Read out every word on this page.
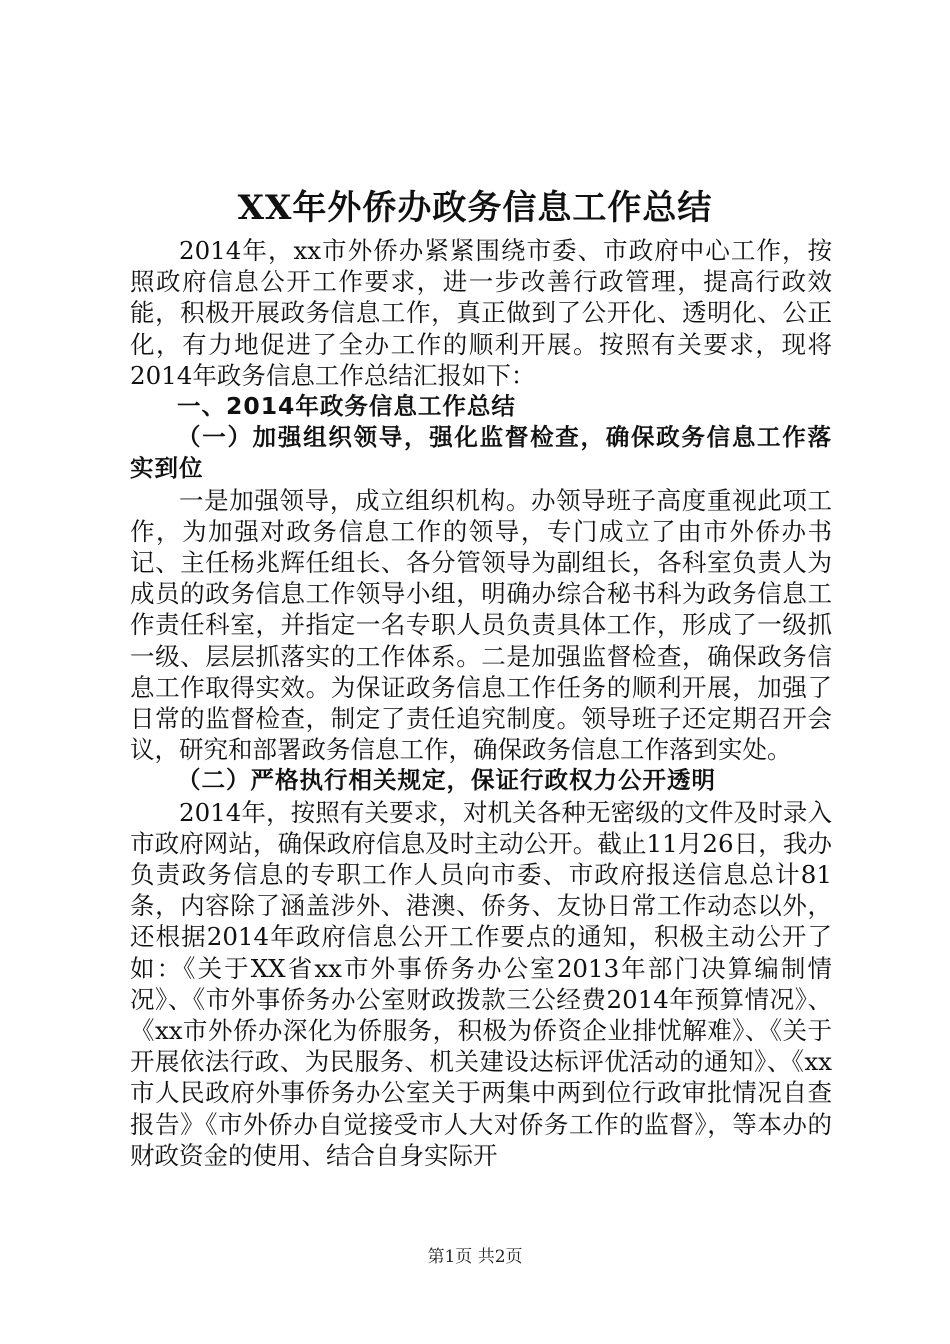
XX年外侨办政务信息工作总结

2014年，xx市外侨办紧紧围绕市委、市政府中心工作，按照政府信息公开工作要求，进一步改善行政管理，提高行政效能，积极开展政务信息工作，真正做到了公开化、透明化、公正化，有力地促进了全办工作的顺利开展。按照有关要求，现将2014年政务信息工作总结汇报如下：

一、2014年政务信息工作总结

（一）加强组织领导，强化监督检查，确保政务信息工作落实到位

一是加强领导，成立组织机构。办领导班子高度重视此项工作，为加强对政务信息工作的领导，专门成立了由市外侨办书记、主任杨兆辉任组长、各分管领导为副组长，各科室负责人为成员的政务信息工作领导小组，明确办综合秘书科为政务信息工作责任科室，并指定一名专职人员负责具体工作，形成了一级抓一级、层层抓落实的工作体系。二是加强监督检查，确保政务信息工作取得实效。为保证政务信息工作任务的顺利开展，加强了日常的监督检查，制定了责任追究制度。领导班子还定期召开会议，研究和部署政务信息工作，确保政务信息工作落到实处。

（二）严格执行相关规定，保证行政权力公开透明

2014年，按照有关要求，对机关各种无密级的文件及时录入市政府网站，确保政府信息及时主动公开。截止11月26日，我办负责政务信息的专职工作人员向市委、市政府报送信息总计81条，内容除了涵盖涉外、港澳、侨务、友协日常工作动态以外，还根据2014年政府信息公开工作要点的通知，积极主动公开了如：《关于XX省xx市外事侨务办公室2013年部门决算编制情况》、《市外事侨务办公室财政拨款三公经费2014年预算情况》、《xx市外侨办深化为侨服务，积极为侨资企业排忧解难》、《关于开展依法行政、为民服务、机关建设达标评优活动的通知》、《xx市人民政府外事侨务办公室关于两集中两到位行政审批情况自查报告》《市外侨办自觉接受市人大对侨务工作的监督》，等本办的财政资金的使用、结合自身实际开

第1页 共2页
